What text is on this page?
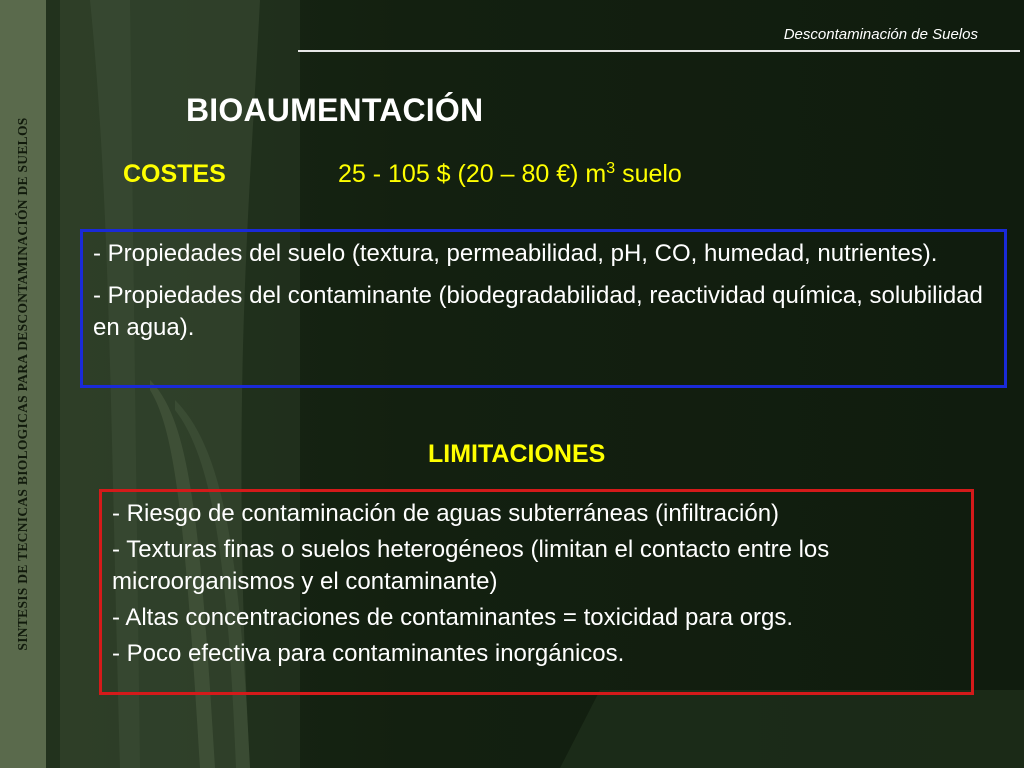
SINTESIS DE TECNICAS BIOLOGICAS PARA DESCONTAMINACIÓN DE SUELOS
Descontaminación de Suelos
BIOAUMENTACIÓN
COSTES	25 - 105 $ (20 – 80 €) $m^3$ suelo

- Propiedades del suelo (textura, permeabilidad, pH, CO, humedad, nutrientes).

- Propiedades del contaminante (biodegradabilidad, reactividad química, solubilidad en agua).

LIMITACIONES

- Riesgo de contaminación de aguas subterráneas (infiltración)

- Texturas finas o suelos heterogéneos (limitan el contacto entre los microorganismos y el contaminante)

- Altas concentraciones de contaminantes = toxicidad para orgs.

- Poco efectiva para contaminantes inorgánicos.
